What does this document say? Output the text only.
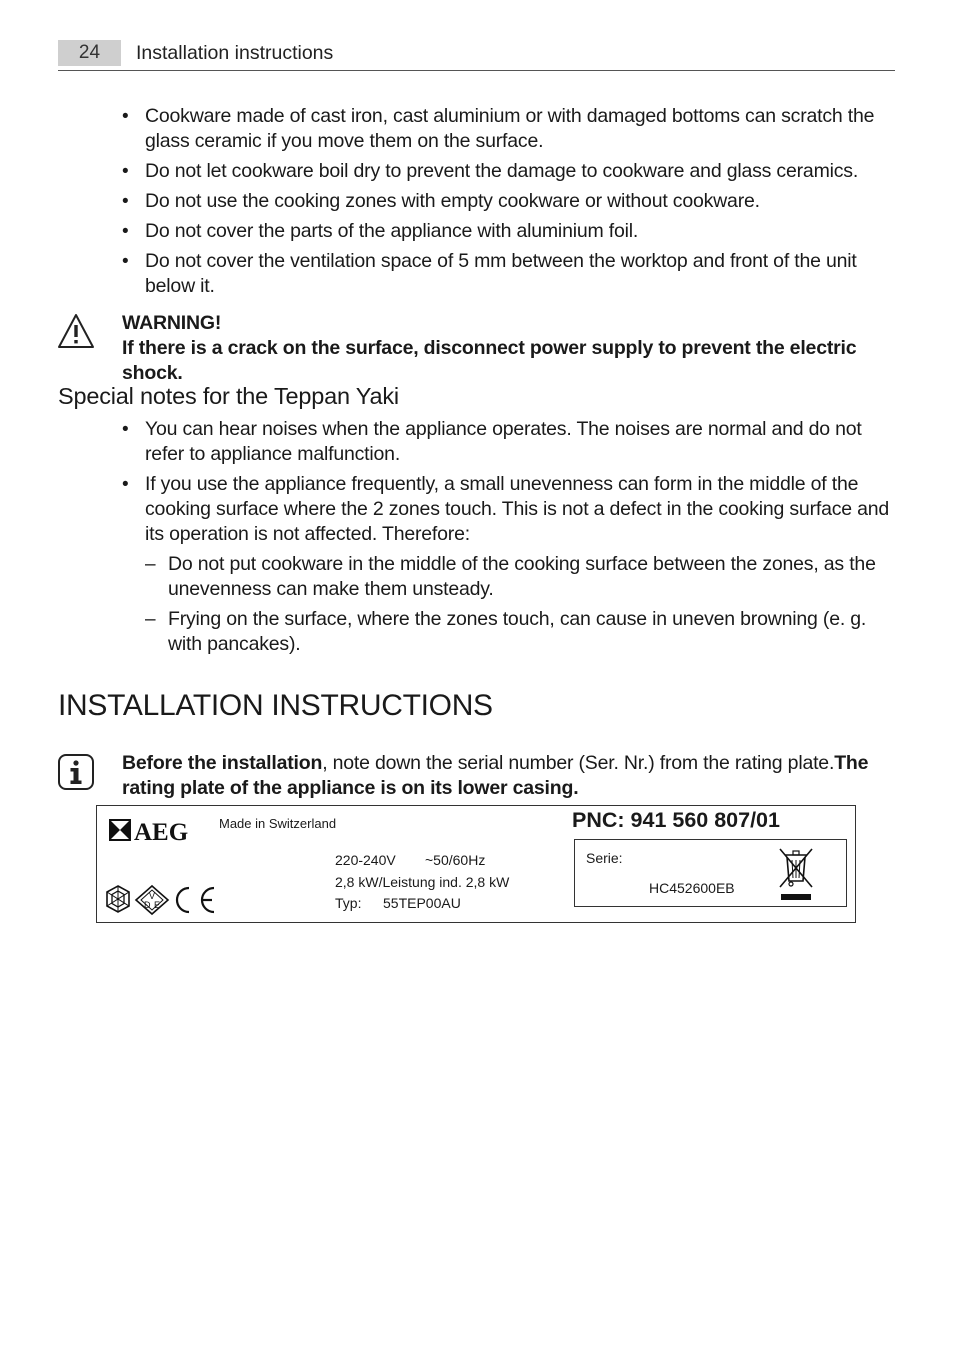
24	Installation instructions
• Cookware made of cast iron, cast aluminium or with damaged bottoms can scratch the glass ceramic if you move them on the surface.
• Do not let cookware boil dry to prevent the damage to cookware and glass ceramics.
• Do not use the cooking zones with empty cookware or without cookware.
• Do not cover the parts of the appliance with aluminium foil.
• Do not cover the ventilation space of 5 mm between the worktop and front of the unit below it.
WARNING!
If there is a crack on the surface, disconnect power supply to prevent the electric shock.
Special notes for the Teppan Yaki
• You can hear noises when the appliance operates. The noises are normal and do not refer to appliance malfunction.
• If you use the appliance frequently, a small unevenness can form in the middle of the cooking surface where the 2 zones touch. This is not a defect in the cooking surface and its operation is not affected. Therefore:
– Do not put cookware in the middle of the cooking surface between the zones, as the unevenness can make them unsteady.
– Frying on the surface, where the zones touch, can cause in uneven browning (e. g. with pancakes).
INSTALLATION INSTRUCTIONS
Before the installation, note down the serial number (Ser. Nr.) from the rating plate.The rating plate of the appliance is on its lower casing.
AEG Made in Switzerland
220-240V ~50/60Hz
2,8 kW/Leistung ind. 2,8 kW
Typ: 55TEP00AU
V
D E
PNC: 941 560 807/01
Serie:
HC452600EB
